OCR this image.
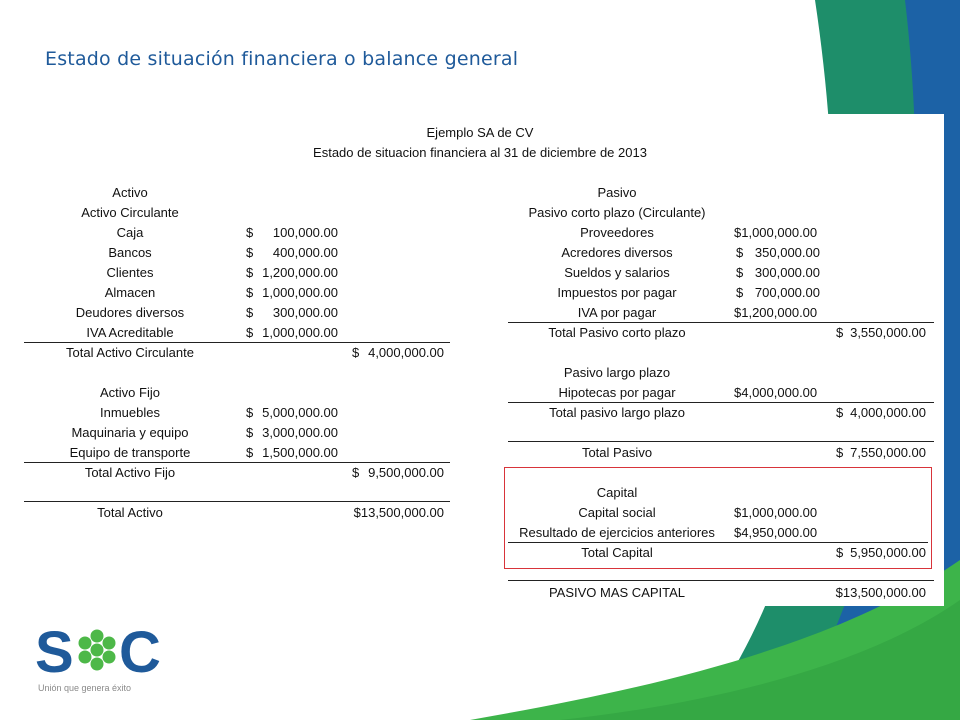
Estado de situación financiera o balance general
Ejemplo SA de CV
Estado de situacion financiera al 31 de diciembre de 2013
Activo
Activo Circulante
Caja	$	100,000.00
Bancos	$	400,000.00
Clientes	$ 1,200,000.00
Almacen	$ 1,000,000.00
Deudores diversos	$	300,000.00
IVA Acreditable	$ 1,000,000.00
Total Activo Circulante	$ 4,000,000.00
Activo Fijo
Inmuebles	$ 5,000,000.00
Maquinaria y equipo	$ 3,000,000.00
Equipo de transporte	$ 1,500,000.00
Total Activo Fijo	$ 9,500,000.00
Total Activo	$13,500,000.00
Pasivo
Pasivo corto plazo (Circulante)
Proveedores	$1,000,000.00
Acredores diversos	$ 350,000.00
Sueldos y salarios	$ 300,000.00
Impuestos por pagar	$ 700,000.00
IVA por pagar	$1,200,000.00
Total Pasivo corto plazo	$ 3,550,000.00
Pasivo largo plazo
Hipotecas por pagar	$4,000,000.00
Total pasivo largo plazo	$ 4,000,000.00
Total Pasivo	$ 7,550,000.00
Capital
Capital social	$1,000,000.00
Resultado de ejercicios anteriores	$4,950,000.00
Total Capital	$ 5,950,000.00
PASIVO MAS CAPITAL	$13,500,000.00
S C
Unión que genera éxito
